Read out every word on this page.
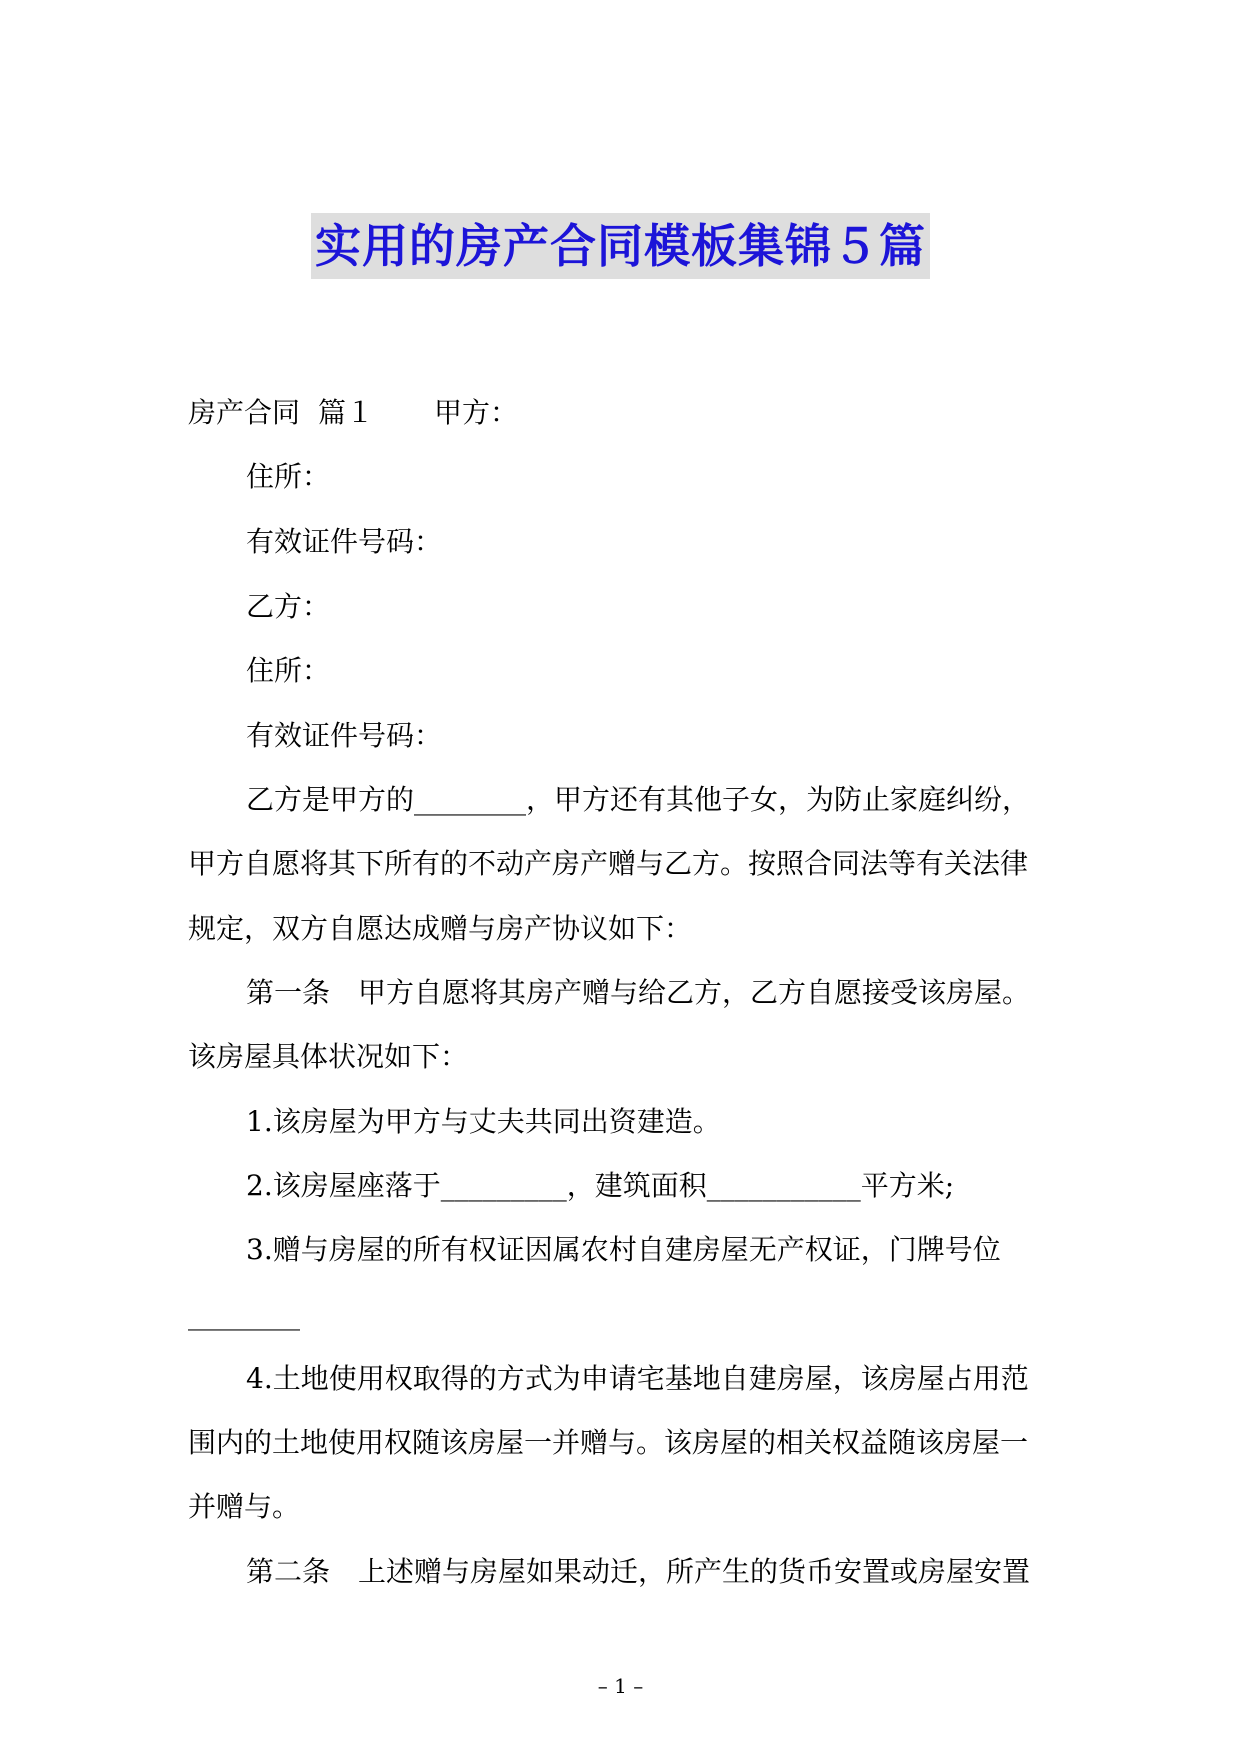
实用的房产合同模板集锦５篇
房产合同 篇１ 甲方：
住所：
有效证件号码：
乙方：
住所：
有效证件号码：
乙方是甲方的________，甲方还有其他子女，为防止家庭纠纷，
甲方自愿将其下所有的不动产房产赠与乙方。按照合同法等有关法律
规定，双方自愿达成赠与房产协议如下：
第一条　甲方自愿将其房产赠与给乙方，乙方自愿接受该房屋。
该房屋具体状况如下：
1.该房屋为甲方与丈夫共同出资建造。
2.该房屋座落于_________，建筑面积___________平方米;
3.赠与房屋的所有权证因属农村自建房屋无产权证，门牌号位
________
4.土地使用权取得的方式为申请宅基地自建房屋，该房屋占用范
围内的土地使用权随该房屋一并赠与。该房屋的相关权益随该房屋一
并赠与。
第二条　上述赠与房屋如果动迁，所产生的货币安置或房屋安置
– 1 –
